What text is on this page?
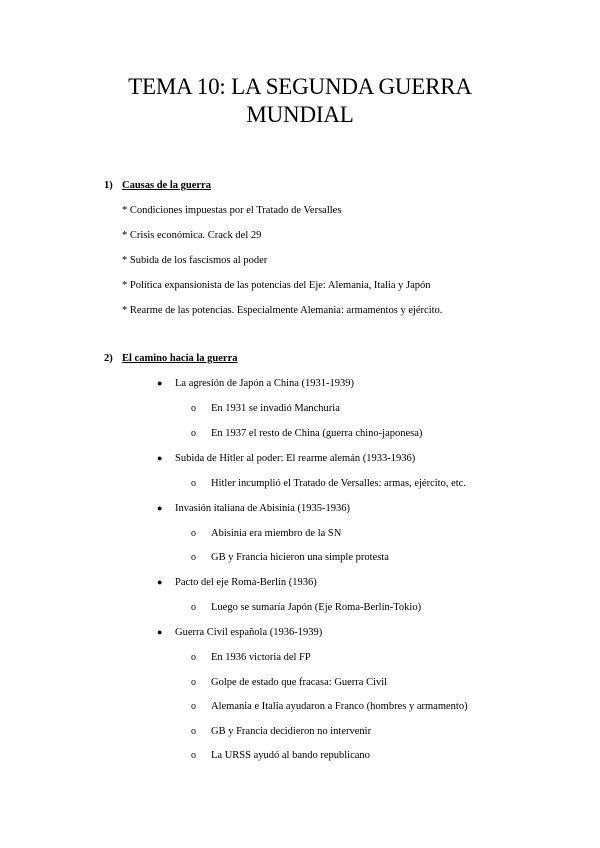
TEMA 10: LA SEGUNDA GUERRA
MUNDIAL
1) Causas de la guerra
* Condiciones impuestas por el Tratado de Versalles
* Crisis económica. Crack del 29
* Subida de los fascismos al poder
* Política expansionista de las potencias del Eje: Alemania, Italia y Japón
* Rearme de las potencias. Especialmente Alemania: armamentos y ejército.
2) El camino hacia la guerra
● La agresión de Japón a China (1931-1939)
o En 1931 se invadió Manchuria
o En 1937 el resto de China (guerra chino-japonesa)
● Subida de Hitler al poder: El rearme alemán (1933-1936)
o Hitler incumplió el Tratado de Versalles: armas, ejército, etc.
● Invasión italiana de Abisinia (1935-1936)
o Abisinia era miembro de la SN
o GB y Francia hicieron una simple protesta
● Pacto del eje Roma-Berlín (1936)
o Luego se sumaría Japón (Eje Roma-Berlín-Tokio)
● Guerra Civil española (1936-1939)
o En 1936 victoria del FP
o Golpe de estado que fracasa: Guerra Civil
o Alemania e Italia ayudaron a Franco (hombres y armamento)
o GB y Francia decidieron no intervenir
o La URSS ayudó al bando republicano
